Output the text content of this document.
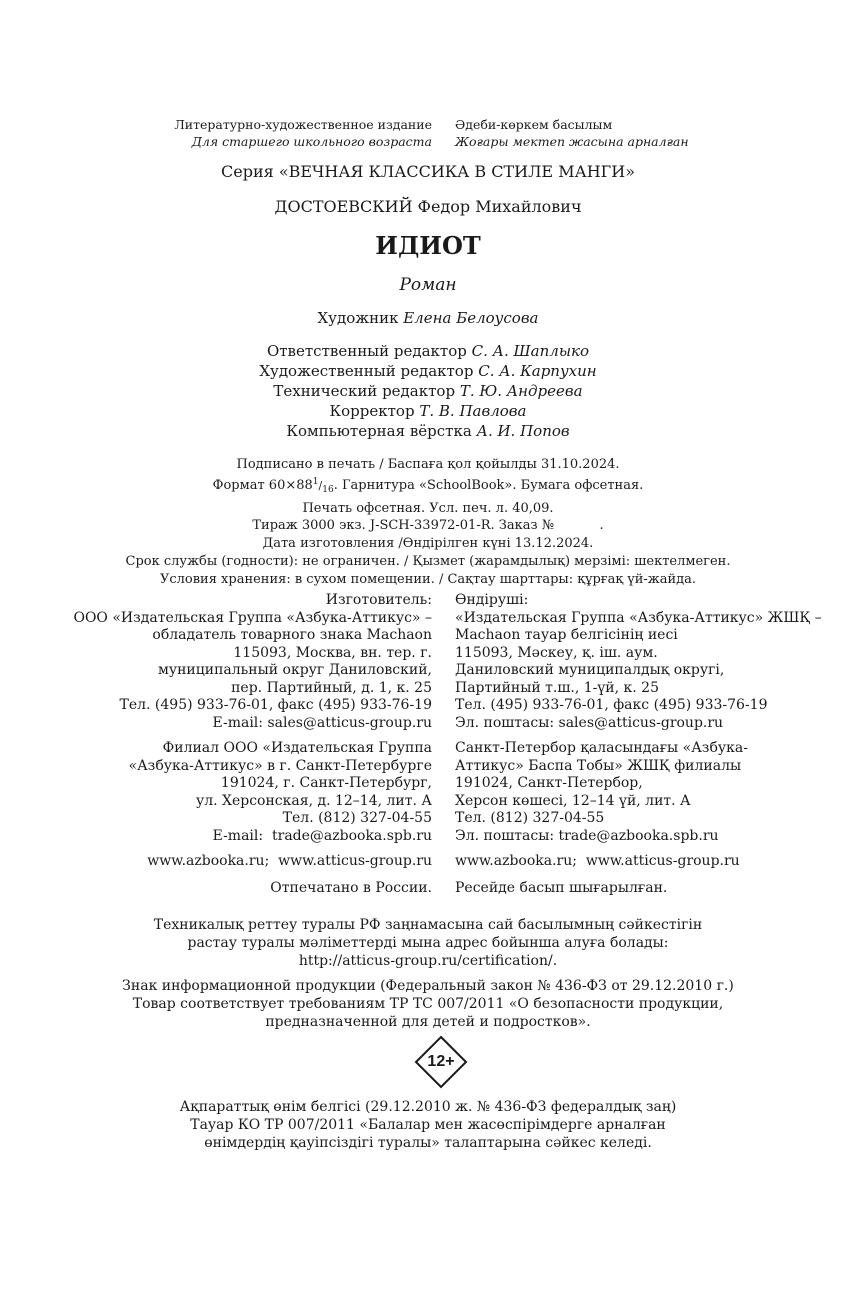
Литературно-художественное издание
Для старшего школьного возраста
Әдеби-көркем басылым
Жоғары мектеп жасына арналған
Серия «ВЕЧНАЯ КЛАССИКА В СТИЛЕ МАНГИ»
ДОСТОЕВСКИЙ Федор Михайлович
ИДИОТ
Роман
Художник Елена Белоусова
Ответственный редактор С. А. Шаплыко
Художественный редактор С. А. Карпухин
Технический редактор Т. Ю. Андреева
Корректор Т. В. Павлова
Компьютерная вёрстка А. И. Попов
Подписано в печать / Баспаға қол қойылды 31.10.2024.
Формат $60\times 88^1/_{16}$. Гарнитура «SchoolBook». Бумага офсетная.
Печать офсетная. Усл. печ. л. 40,09.
Тираж 3000 экз. J-SCH-33972-01-R. Заказ №           .
Дата изготовления /Өндірілген күні 13.12.2024.
Срок службы (годности): не ограничен. / Қызмет (жарамдылық) мерзімі: шектелмеген.
Условия хранения: в сухом помещении. / Сақтау шарттары: құрғақ үй-жайда.
Изготовитель:
ООО «Издательская Группа «Азбука-Аттикус» –
обладатель товарного знака Machaon
115093, Москва, вн. тер. г.
муниципальный округ Даниловский,
пер. Партийный, д. 1, к. 25
Тел. (495) 933-76-01, факс (495) 933-76-19
E-mail: sales@atticus-group.ru
Өндіруші:
«Издательская Группа «Азбука-Аттикус» ЖШҚ –
Machaon тауар белгісінің иесі
115093, Мәскеу, қ. іш. аум.
Даниловский муниципалдық округі,
Партийный т.ш., 1-үй, к. 25
Тел. (495) 933-76-01, факс (495) 933-76-19
Эл. поштасы: sales@atticus-group.ru
Филиал ООО «Издательская Группа
«Азбука-Аттикус» в г. Санкт-Петербурге
191024, г. Санкт-Петербург,
ул. Херсонская, д. 12–14, лит. А
Тел. (812) 327-04-55
E-mail:  trade@azbooka.spb.ru
Санкт-Петербор қаласындағы «Азбука-
Аттикус» Баспа Тобы» ЖШҚ филиалы
191024, Санкт-Петербор,
Херсон көшесі, 12–14 үй, лит. А
Тел. (812) 327-04-55
Эл. поштасы: trade@azbooka.spb.ru
www.azbooka.ru;  www.atticus-group.ru www.azbooka.ru;  www.atticus-group.ru
Отпечатано в России. Ресейде басып шығарылған.
Техникалық реттеу туралы РФ заңнамасына сай басылымның сәйкестігін
растау туралы мәліметтерді мына адрес бойынша алуға болады:
http://atticus-group.ru/certification/.
Знак информационной продукции (Федеральный закон № 436-ФЗ от 29.12.2010 г.)
Товар соответствует требованиям ТР ТС 007/2011 «О безопасности продукции,
предназначенной для детей и подростков».
12+
Ақпараттық өнім белгісі (29.12.2010 ж. № 436-ФЗ федералдық заң)
Тауар КО ТР 007/2011 «Балалар мен жасөспірімдерге арналған
өнімдердің қауіпсіздігі туралы» талаптарына сәйкес келеді.
